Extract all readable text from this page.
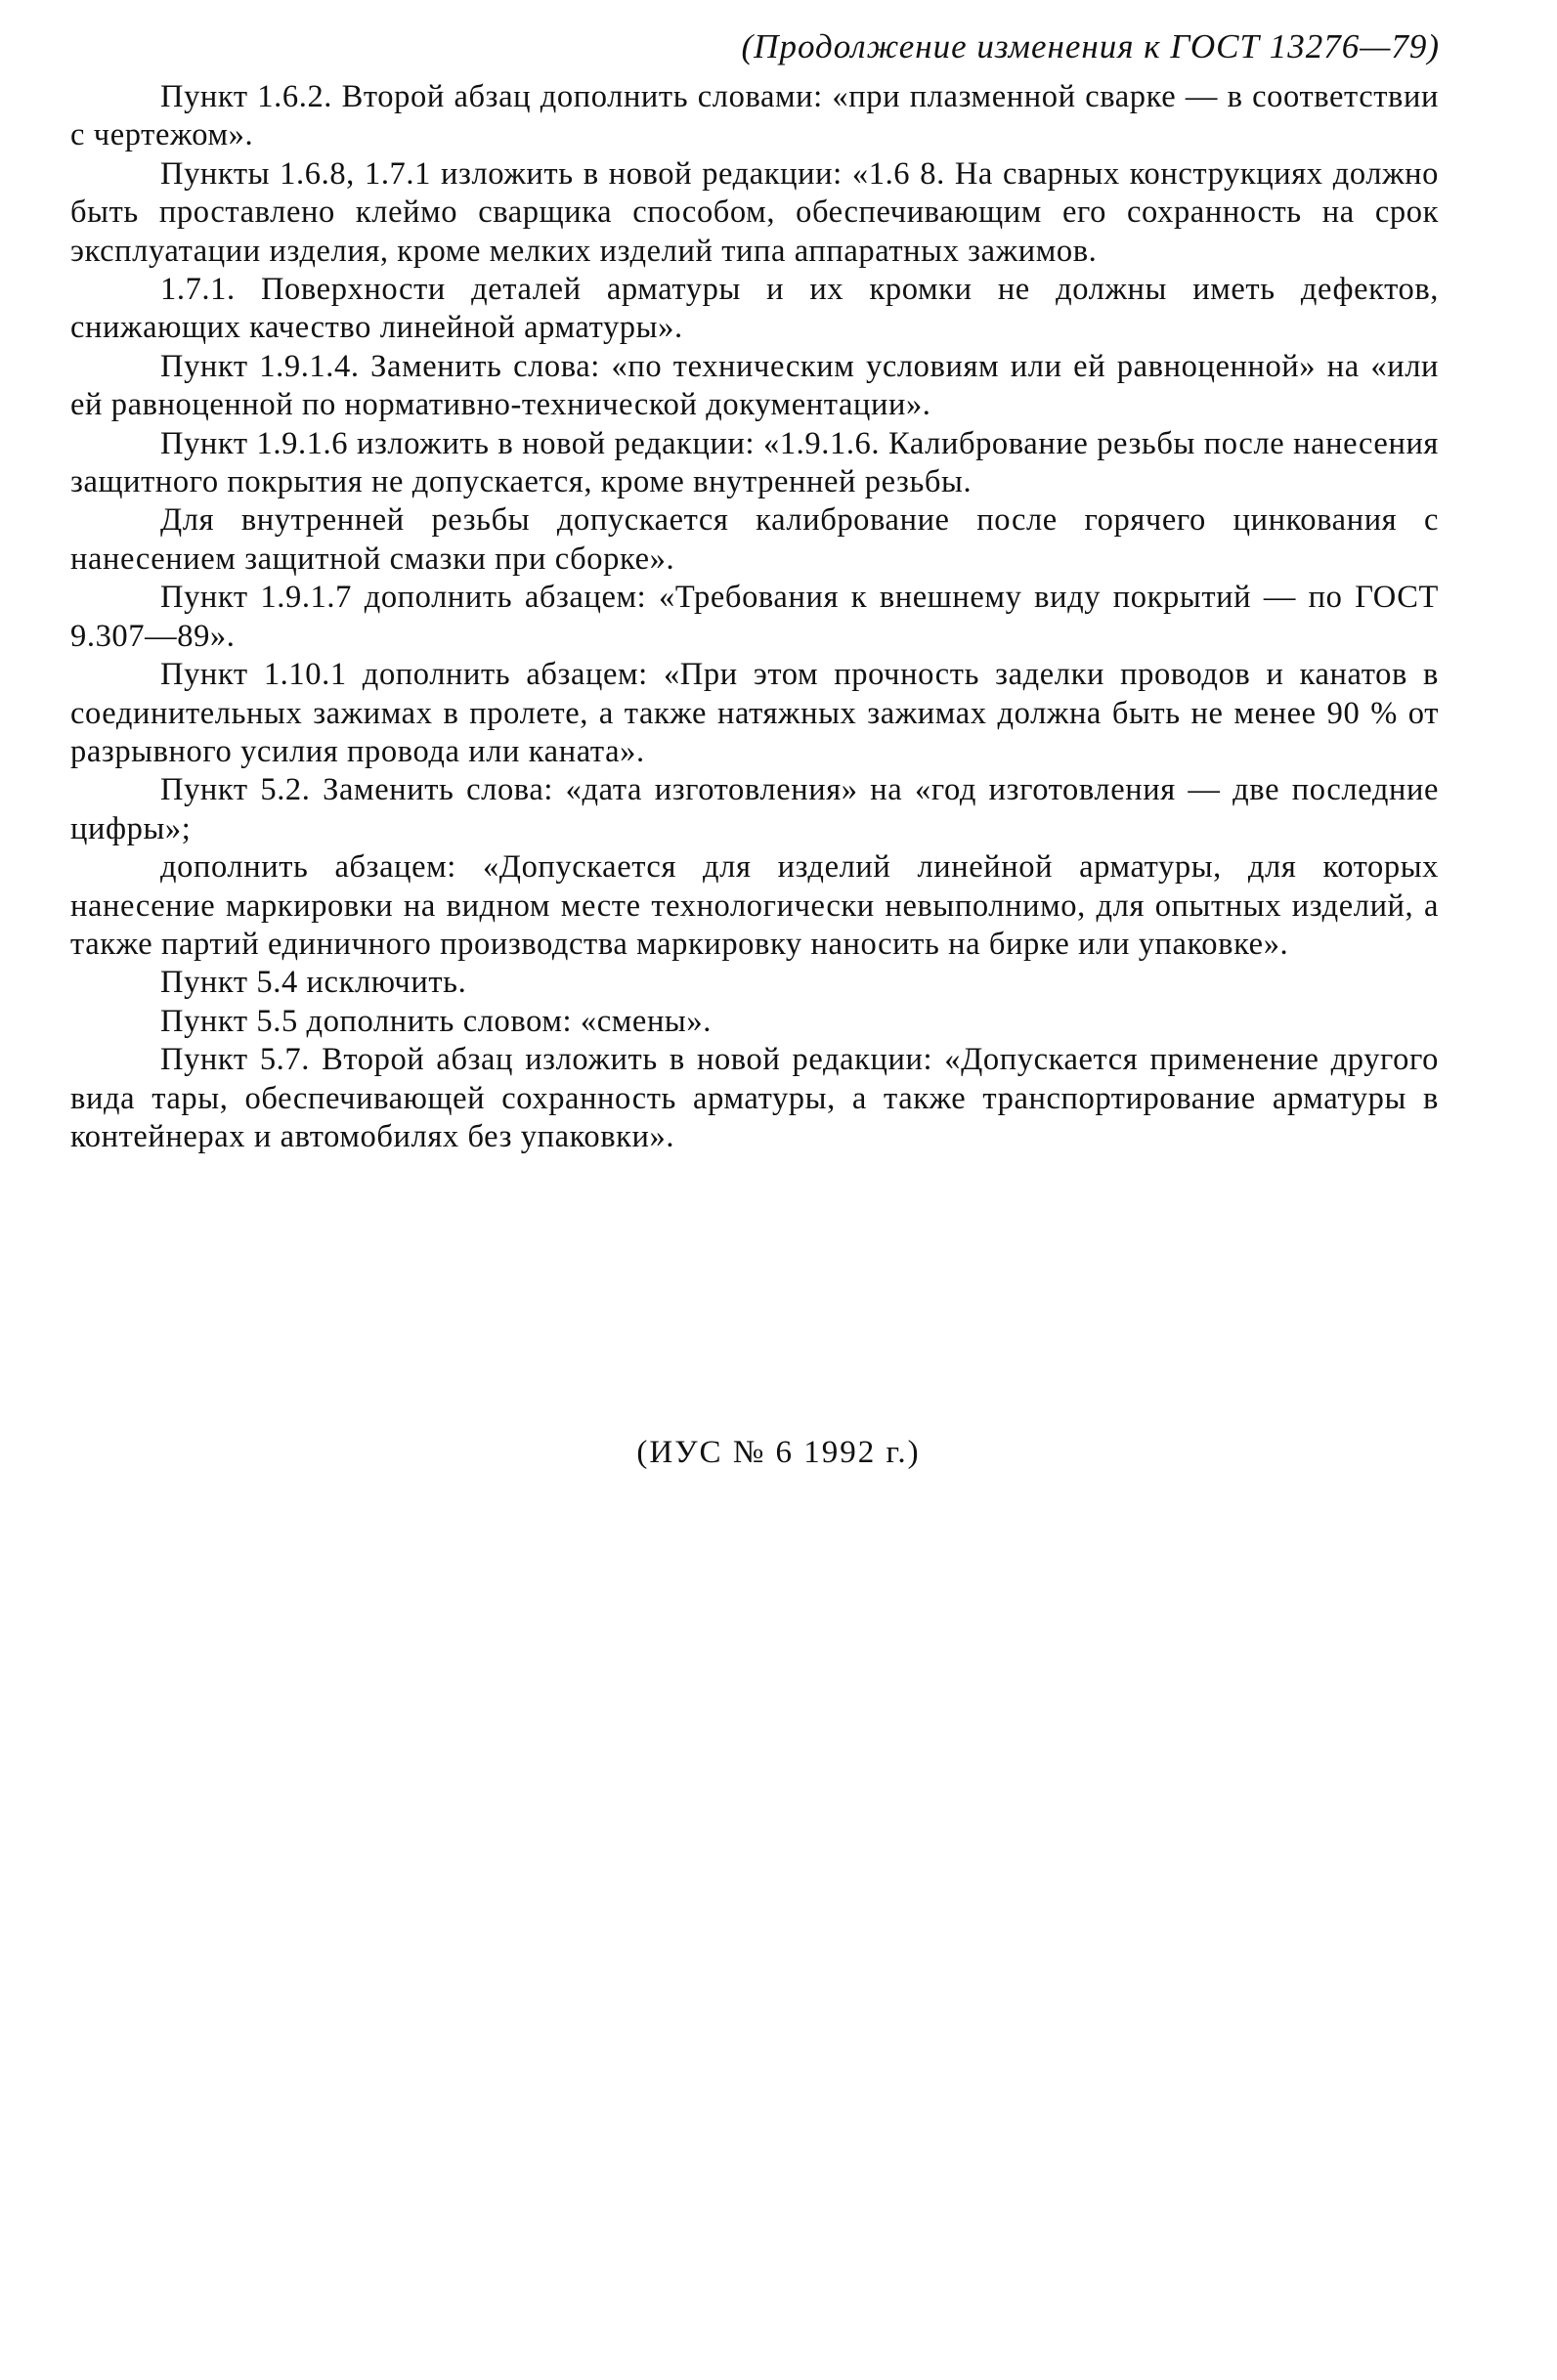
(Продолжение изменения к ГОСТ 13276—79)

Пункт 1.6.2. Второй абзац дополнить словами: «при плазменной сварке — в соответствии с чертежом».

Пункты 1.6.8, 1.7.1 изложить в новой редакции: «1.6 8. На сварных конструкциях должно быть проставлено клеймо сварщика способом, обеспечивающим его сохранность на срок эксплуатации изделия, кроме мелких изделий типа аппаратных зажимов.

1.7.1. Поверхности деталей арматуры и их кромки не должны иметь дефектов, снижающих качество линейной арматуры».

Пункт 1.9.1.4. Заменить слова: «по техническим условиям или ей равноценной» на «или ей равноценной по нормативно-технической документации».

Пункт 1.9.1.6 изложить в новой редакции: «1.9.1.6. Калибрование резьбы после нанесения защитного покрытия не допускается, кроме внутренней резьбы.

Для внутренней резьбы допускается калибрование после горячего цинкования с нанесением защитной смазки при сборке».

Пункт 1.9.1.7 дополнить абзацем: «Требования к внешнему виду покрытий — по ГОСТ 9.307—89».

Пункт 1.10.1 дополнить абзацем: «При этом прочность заделки проводов и канатов в соединительных зажимах в пролете, а также натяжных зажимах должна быть не менее 90 % от разрывного усилия провода или каната».

Пункт 5.2. Заменить слова: «дата изготовления» на «год изготовления — две последние цифры»;

дополнить абзацем: «Допускается для изделий линейной арматуры, для которых нанесение маркировки на видном месте технологически невыполнимо, для опытных изделий, а также партий единичного производства маркировку наносить на бирке или упаковке».

Пункт 5.4 исключить.

Пункт 5.5 дополнить словом: «смены».

Пункт 5.7. Второй абзац изложить в новой редакции: «Допускается применение другого вида тары, обеспечивающей сохранность арматуры, а также транспортирование арматуры в контейнерах и автомобилях без упаковки».

(ИУС № 6 1992 г.)
